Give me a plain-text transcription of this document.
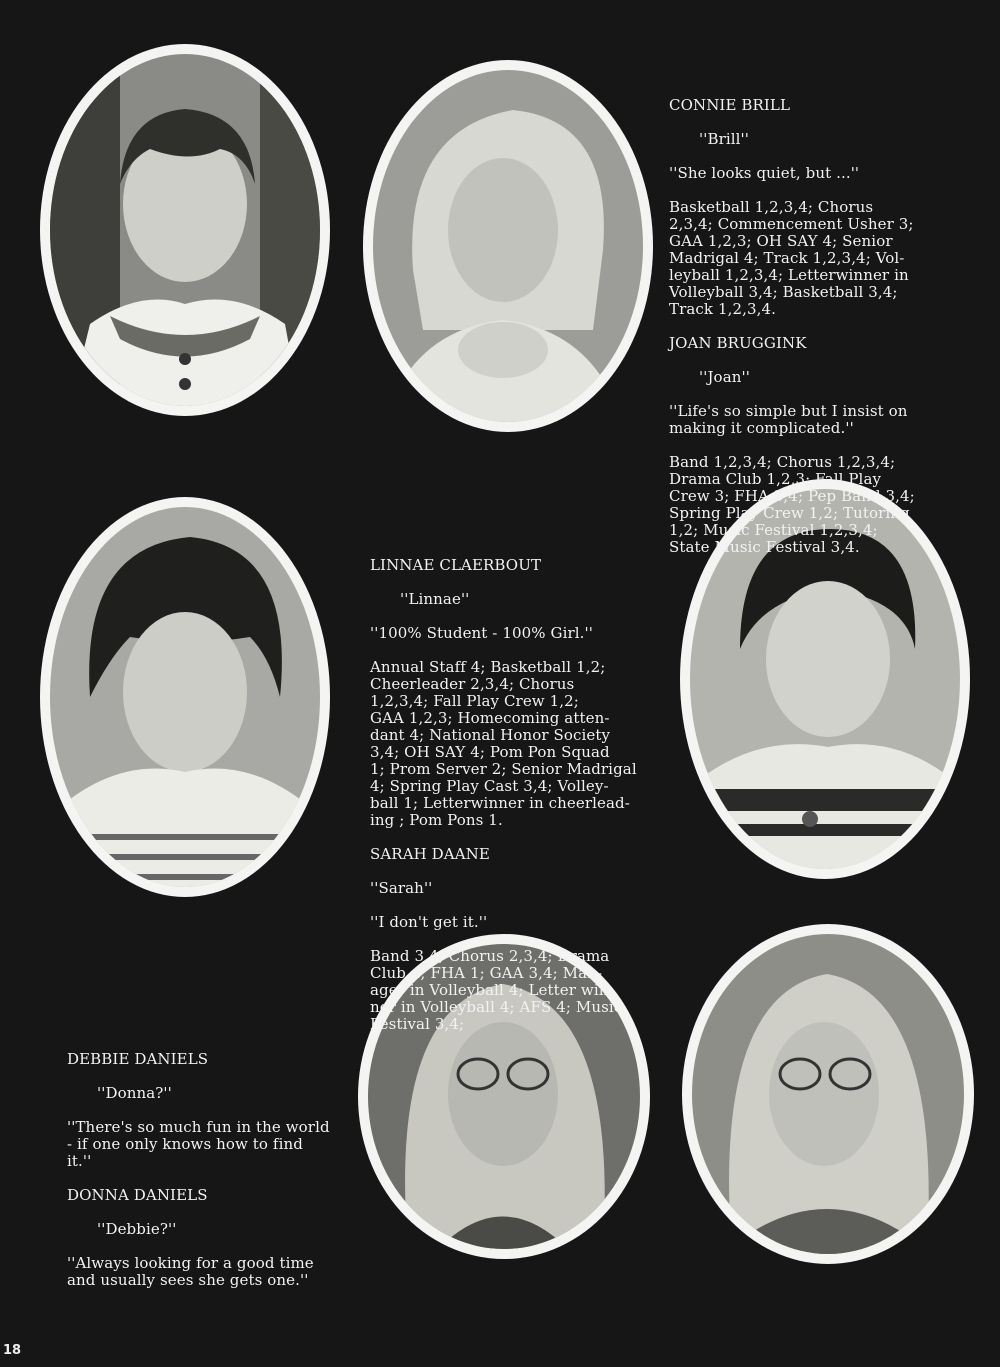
CONNIE BRILL

''Brill''

''She looks quiet, but ...''

Basketball 1,2,3,4; Chorus
2,3,4; Commencement Usher 3;
GAA 1,2,3; OH SAY 4; Senior
Madrigal 4; Track 1,2,3,4; Vol-
leyball 1,2,3,4; Letterwinner in
Volleyball 3,4; Basketball 3,4;
Track 1,2,3,4.

JOAN BRUGGINK

''Joan''

''Life's so simple but I insist on
making it complicated.''

Band 1,2,3,4; Chorus 1,2,3,4;
Drama Club 1,2,3; Fall Play
Crew 3; FHA 3,4; Pep Band 3,4;
Spring Play Crew 1,2; Tutoring
1,2; Music Festival 1,2,3,4;
State Music Festival 3,4.

LINNAE CLAERBOUT

''Linnae''

''100% Student - 100% Girl.''

Annual Staff 4; Basketball 1,2;
Cheerleader 2,3,4; Chorus
1,2,3,4; Fall Play Crew 1,2;
GAA 1,2,3; Homecoming atten-
dant 4; National Honor Society
3,4; OH SAY 4; Pom Pon Squad
1; Prom Server 2; Senior Madrigal
4; Spring Play Cast 3,4; Volley-
ball 1; Letterwinner in cheerlead-
ing ; Pom Pons 1.

SARAH DAANE

''Sarah''

''I don't get it.''

Band 3,4; Chorus 2,3,4; Drama
Club 4; FHA 1; GAA 3,4; Man-
ager in Volleyball 4; Letter win-
ner in Volleyball 4; AFS 4; Music
Festival 3,4;

DEBBIE DANIELS

''Donna?''

''There's so much fun in the world
- if one only knows how to find
it.''

DONNA DANIELS

''Debbie?''

''Always looking for a good time
and usually sees she gets one.''

18
